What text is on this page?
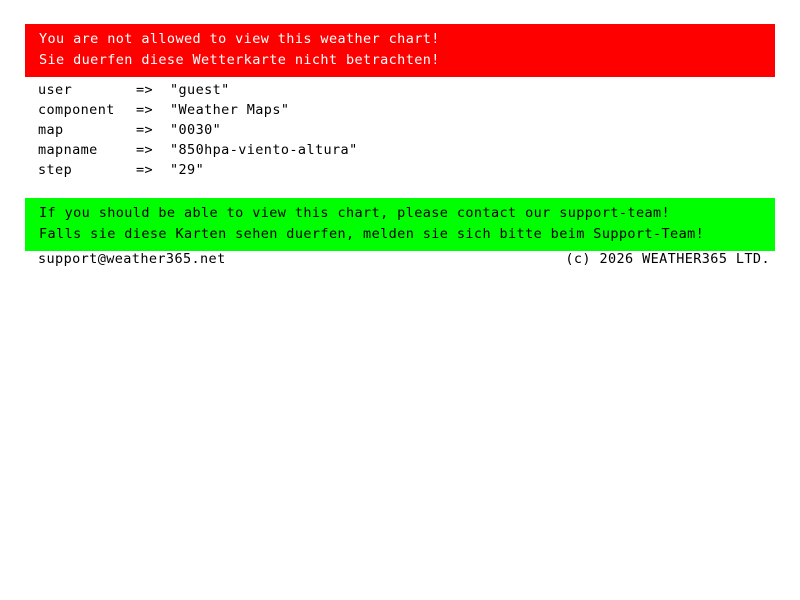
You are not allowed to view this weather chart!
Sie duerfen diese Wetterkarte nicht betrachten!
user	=>	"guest"
component	=>	"Weather Maps"
map	=>	"0030"
mapname	=>	"850hpa-viento-altura"
step	=>	"29"
If you should be able to view this chart, please contact our support-team!
Falls sie diese Karten sehen duerfen, melden sie sich bitte beim Support-Team!
support@weather365.net	(c) 2026 WEATHER365 LTD.
